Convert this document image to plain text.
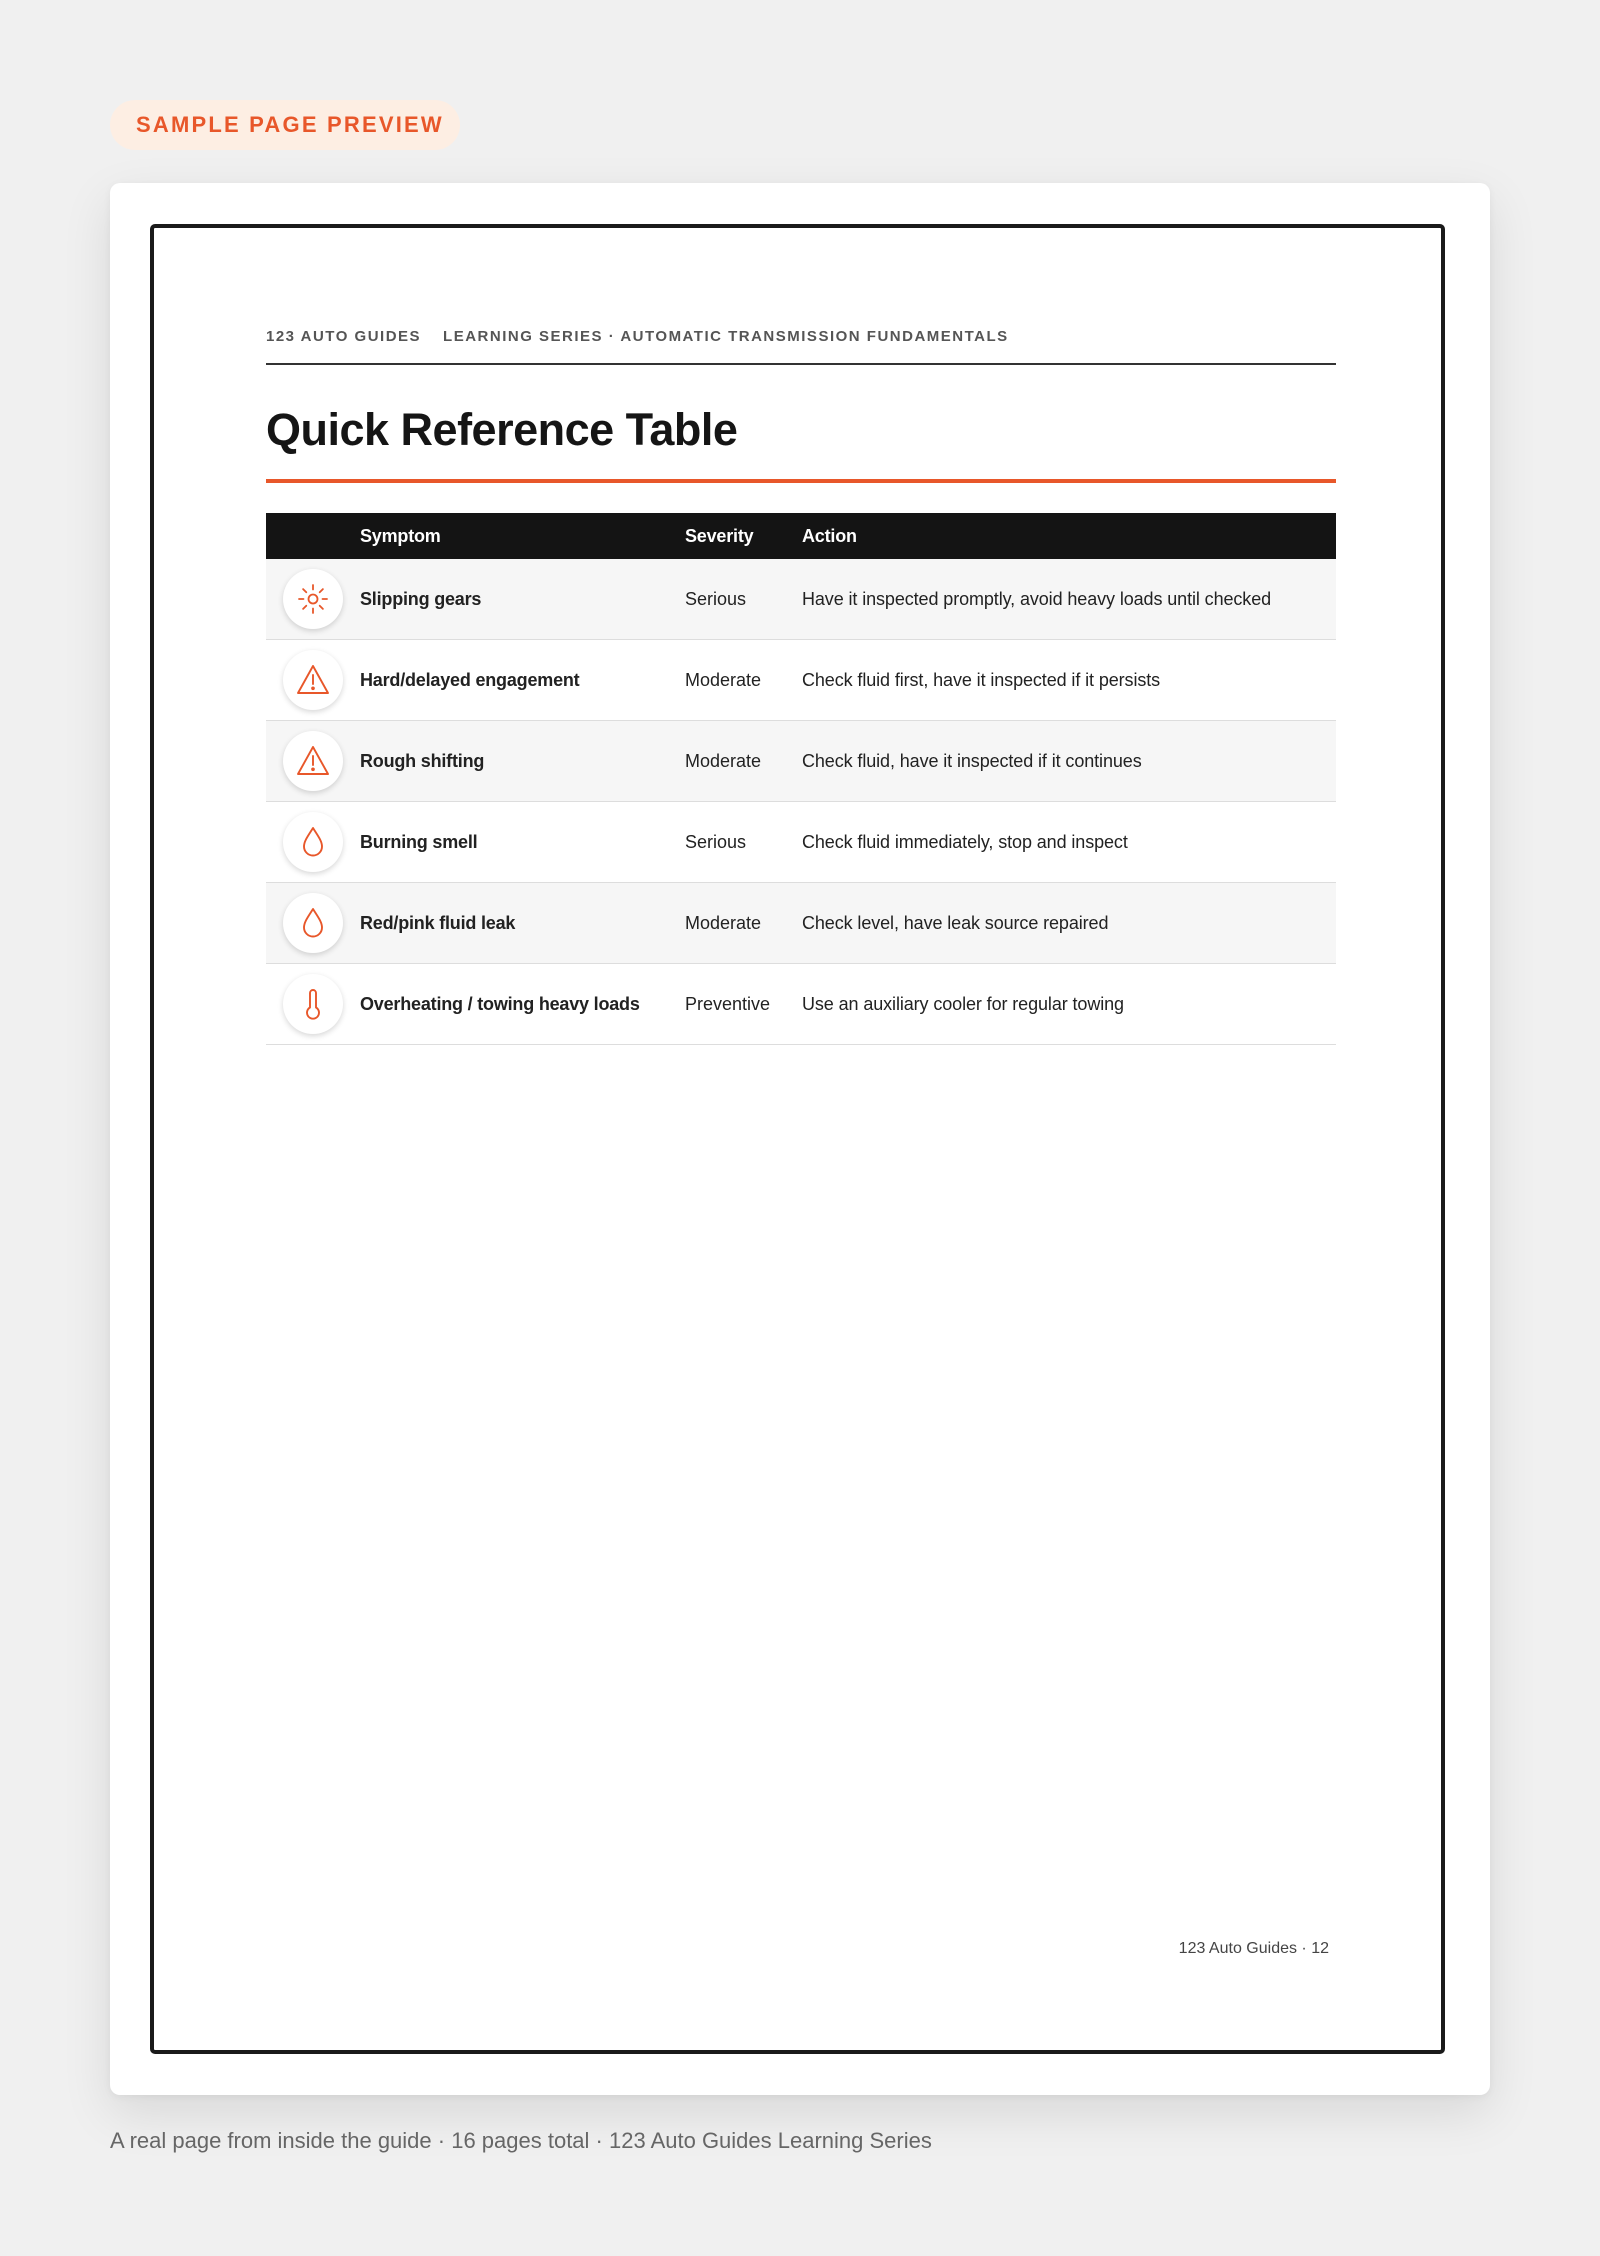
SAMPLE PAGE PREVIEW
123 AUTO GUIDES LEARNING SERIES · AUTOMATIC TRANSMISSION FUNDAMENTALS
Quick Reference Table
	Symptom	Severity	Action

	Slipping gears	Serious	Have it inspected promptly, avoid heavy loads until checked

	Hard/delayed engagement	Moderate	Check fluid first, have it inspected if it persists

	Rough shifting	Moderate	Check fluid, have it inspected if it continues

	Burning smell	Serious	Check fluid immediately, stop and inspect

	Red/pink fluid leak	Moderate	Check level, have leak source repaired

	Overheating / towing heavy loads	Preventive	Use an auxiliary cooler for regular towing
123 Auto Guides · 12
A real page from inside the guide · 16 pages total · 123 Auto Guides Learning Series
